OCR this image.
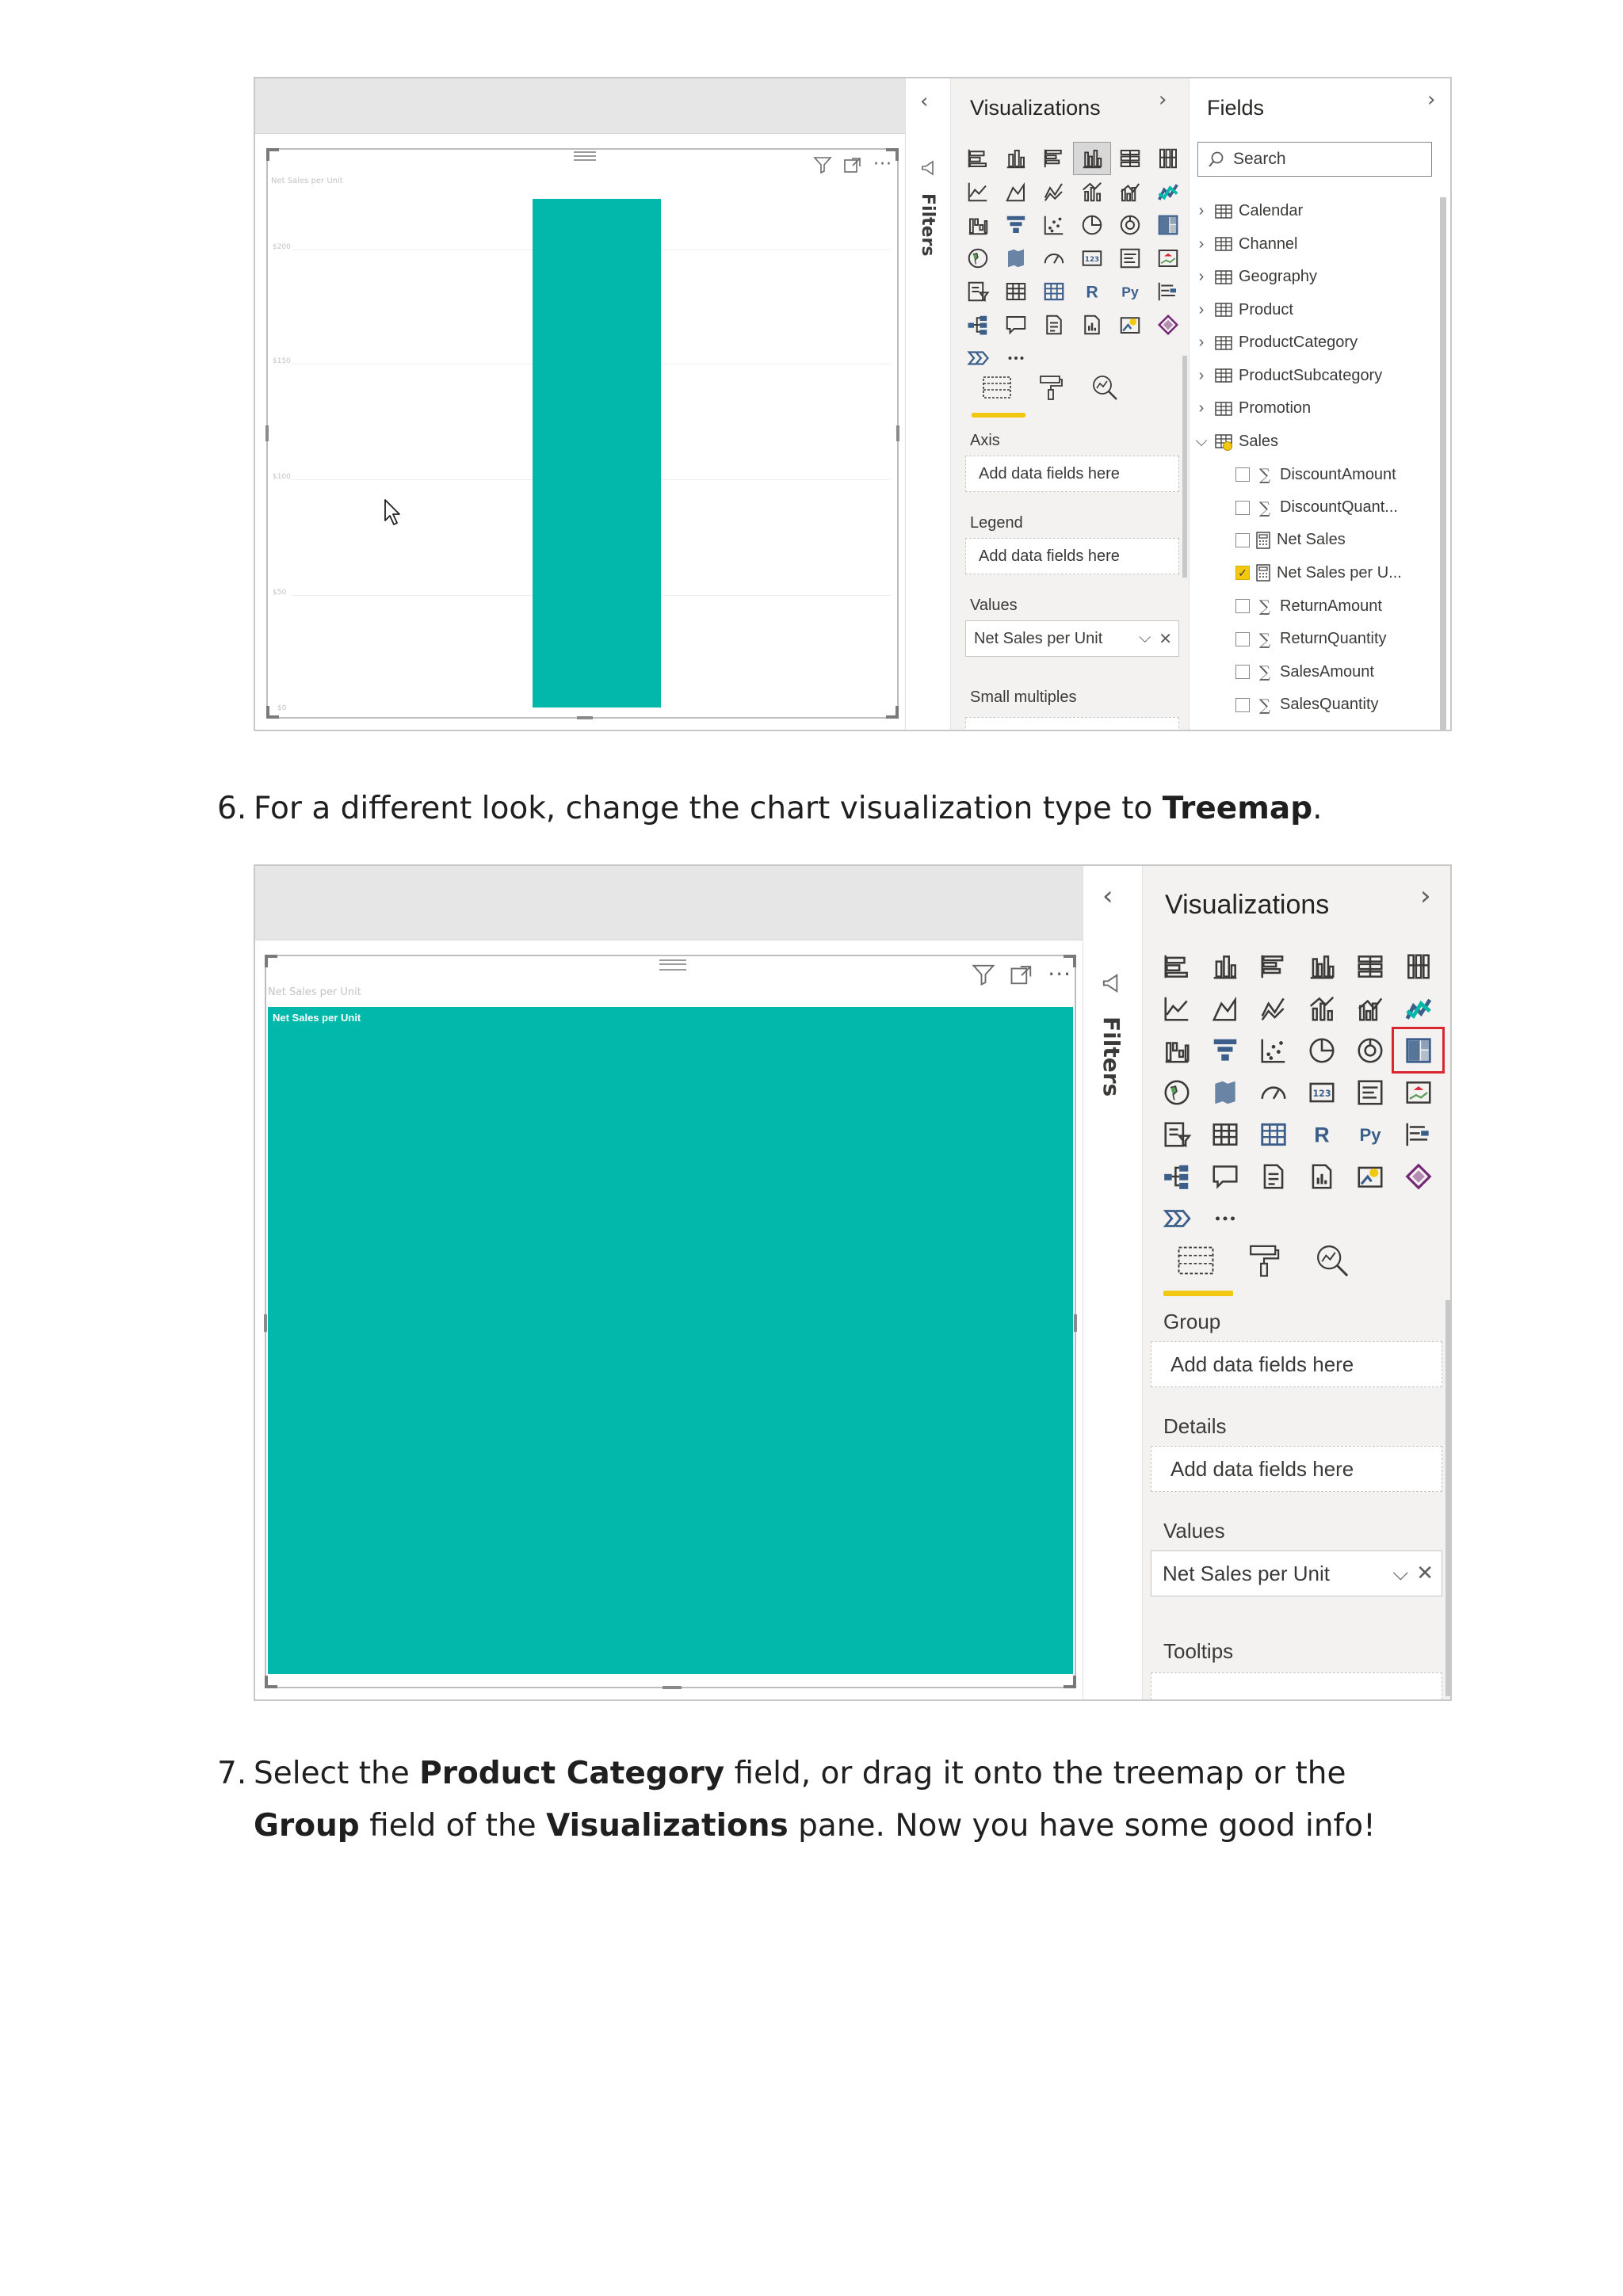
···
Net Sales per Unit
$200
$150
$100
$50
$0
‹
Filters
Visualizations	›
123
R Py
Axis
Add data fields here
Legend
Add data fields here
Values
Net Sales per Unit ⌵ ✕
Small multiples
Fields	›
Search
› Calendar
› Channel
› Geography
› Product
› ProductCategory
› ProductSubcategory
› Promotion
⌵ Sales
∑ DiscountAmount
∑ DiscountQuant...
Net Sales
✓ Net Sales per U...
∑ ReturnAmount
∑ ReturnQuantity
∑ SalesAmount
∑ SalesQuantity
6. For a different look, change the chart visualization type to Treemap.
···
Net Sales per Unit
Net Sales per Unit
‹
Filters
Visualizations	›
123
R	Py
Group
Add data fields here
Details
Add data fields here
Values
Net Sales per Unit	⌵ ✕
Tooltips
7. Select the Product Category field, or drag it onto the treemap or the Group field of the Visualizations pane. Now you have some good info!
